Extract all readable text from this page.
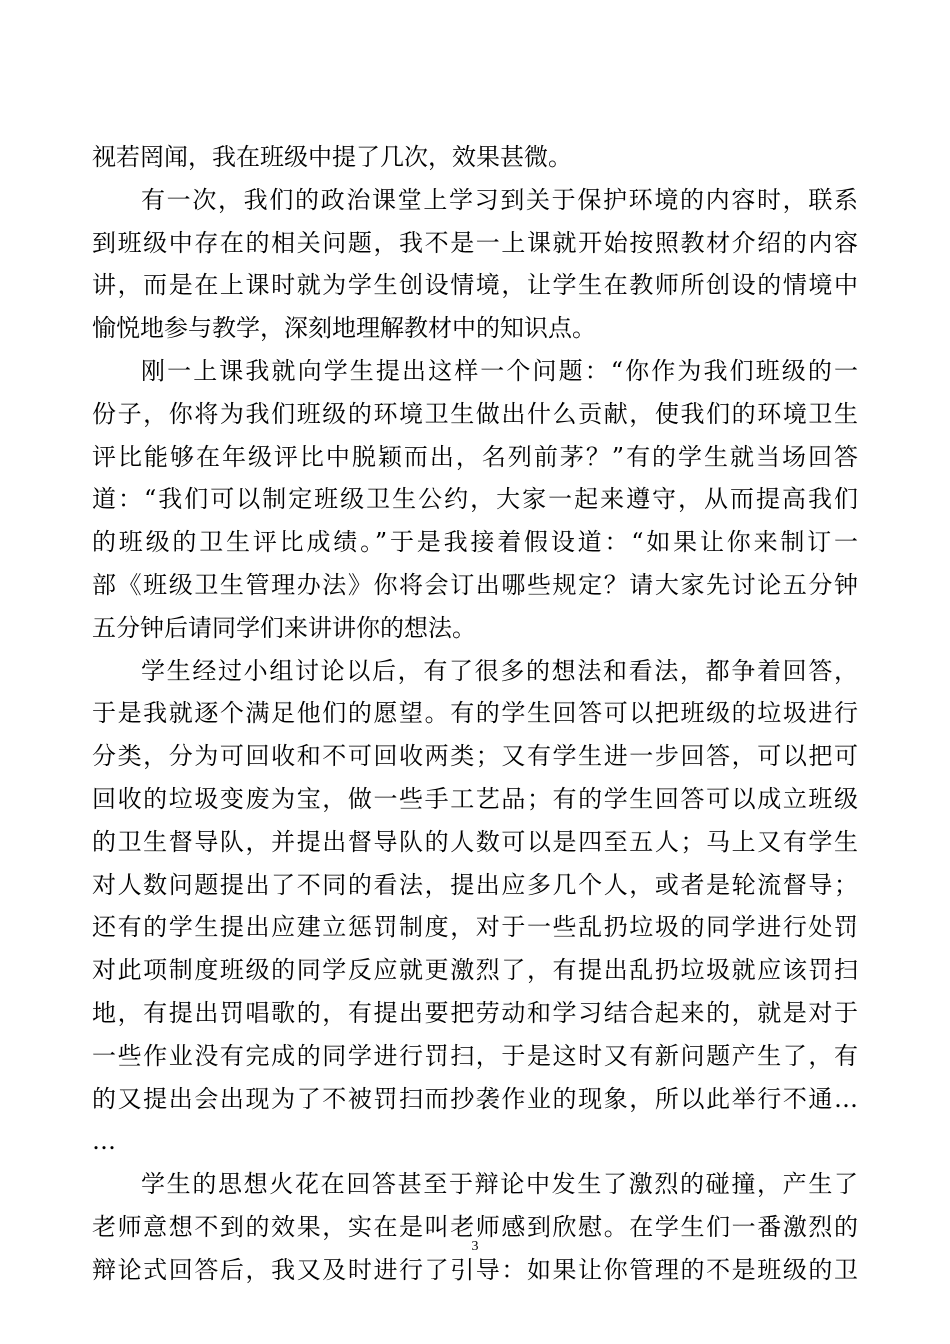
视若罔闻，我在班级中提了几次，效果甚微。
有一次，我们的政治课堂上学习到关于保护环境的内容时，联系
到班级中存在的相关问题，我不是一上课就开始按照教材介绍的内容
讲，而是在上课时就为学生创设情境，让学生在教师所创设的情境中
愉悦地参与教学，深刻地理解教材中的知识点。
刚一上课我就向学生提出这样一个问题：“你作为我们班级的一
份子，你将为我们班级的环境卫生做出什么贡献，使我们的环境卫生
评比能够在年级评比中脱颖而出，名列前茅？”有的学生就当场回答
道：“我们可以制定班级卫生公约，大家一起来遵守，从而提高我们
的班级的卫生评比成绩。”于是我接着假设道：“如果让你来制订一
部《班级卫生管理办法》你将会订出哪些规定？请大家先讨论五分钟
五分钟后请同学们来讲讲你的想法。
学生经过小组讨论以后，有了很多的想法和看法，都争着回答，
于是我就逐个满足他们的愿望。有的学生回答可以把班级的垃圾进行
分类，分为可回收和不可回收两类；又有学生进一步回答，可以把可
回收的垃圾变废为宝，做一些手工艺品；有的学生回答可以成立班级
的卫生督导队，并提出督导队的人数可以是四至五人；马上又有学生
对人数问题提出了不同的看法，提出应多几个人，或者是轮流督导；
还有的学生提出应建立惩罚制度，对于一些乱扔垃圾的同学进行处罚
对此项制度班级的同学反应就更激烈了，有提出乱扔垃圾就应该罚扫
地，有提出罚唱歌的，有提出要把劳动和学习结合起来的，就是对于
一些作业没有完成的同学进行罚扫，于是这时又有新问题产生了，有
的又提出会出现为了不被罚扫而抄袭作业的现象，所以此举行不通…
…
学生的思想火花在回答甚至于辩论中发生了激烈的碰撞，产生了
老师意想不到的效果，实在是叫老师感到欣慰。在学生们一番激烈的
辩论式回答后，我又及时进行了引导：如果让你管理的不是班级的卫
3
